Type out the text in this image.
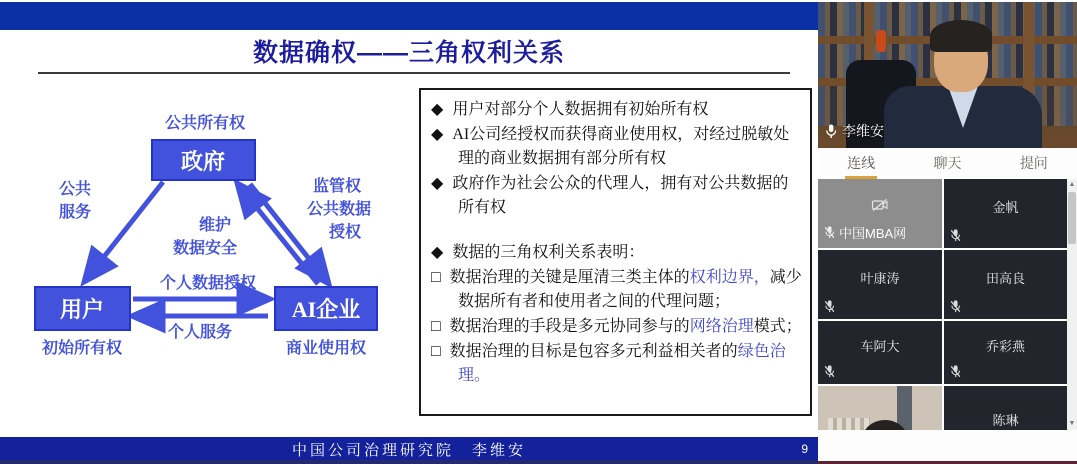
数据确权——三角权利关系
政府
用户	AI企业
公共所有权
公共
服务
维护
数据安全
监管权
公共数据
授权
个人数据授权
个人服务
初始所有权	商业使用权
◆ 用户对部分个人数据拥有初始所有权
◆ AI公司经授权而获得商业使用权，对经过脱敏处理的商业数据拥有部分所有权
◆ 政府作为社会公众的代理人，拥有对公共数据的所有权
◆ 数据的三角权利关系表明：
□ 数据治理的关键是厘清三类主体的权利边界，减少数据所有者和使用者之间的代理问题；
□ 数据治理的手段是多元协同参与的网络治理模式；
□ 数据治理的目标是包容多元利益相关者的绿色治理。
中国公司治理研究院　李维安	9
李维安
连线	聊天	提问
中国MBA网
金帆
叶康涛	田高良
车阿大	乔彩燕
陈琳
▲
▼
